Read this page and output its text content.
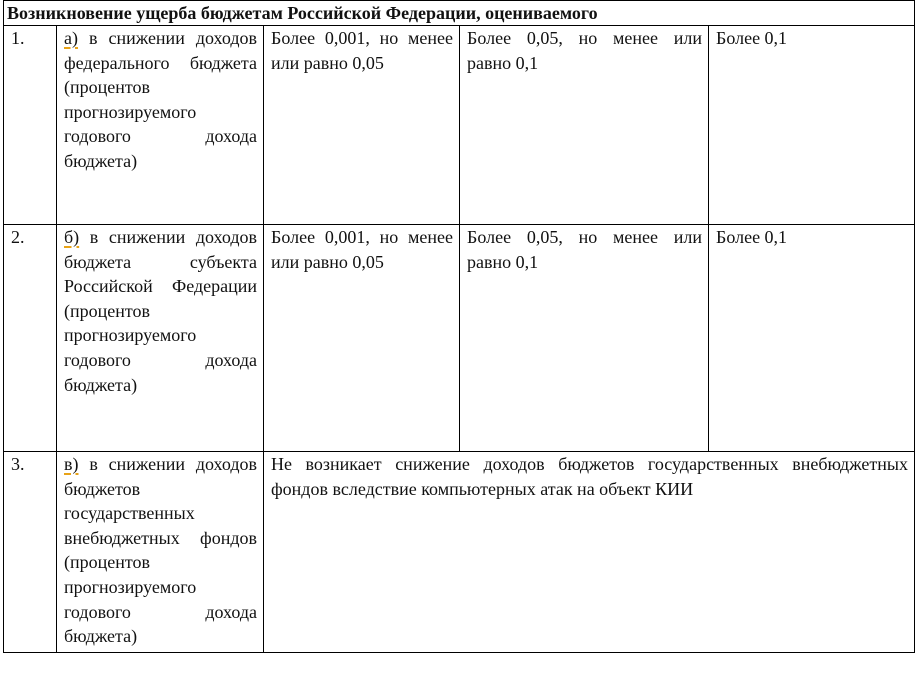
Возникновение ущерба бюджетам Российской Федерации, оцениваемого				
1.	а) в снижении доходов федерального бюджета (процентов прогнозируемого годового дохода бюджета)	Более 0,001, но менее или равно 0,05	Более 0,05, но менее или равно 0,1	Более 0,1
2.	б) в снижении доходов бюджета субъекта Российской Федерации (процентов прогнозируемого годового дохода бюджета)	Более 0,001, но менее или равно 0,05	Более 0,05, но менее или равно 0,1	Более 0,1
3.	в) в снижении доходов бюджетов государственных внебюджетных фондов (процентов прогнозируемого годового дохода бюджета)	Не возникает снижение доходов бюджетов государственных внебюджетных фондов вследствие компьютерных атак на объект КИИ		
